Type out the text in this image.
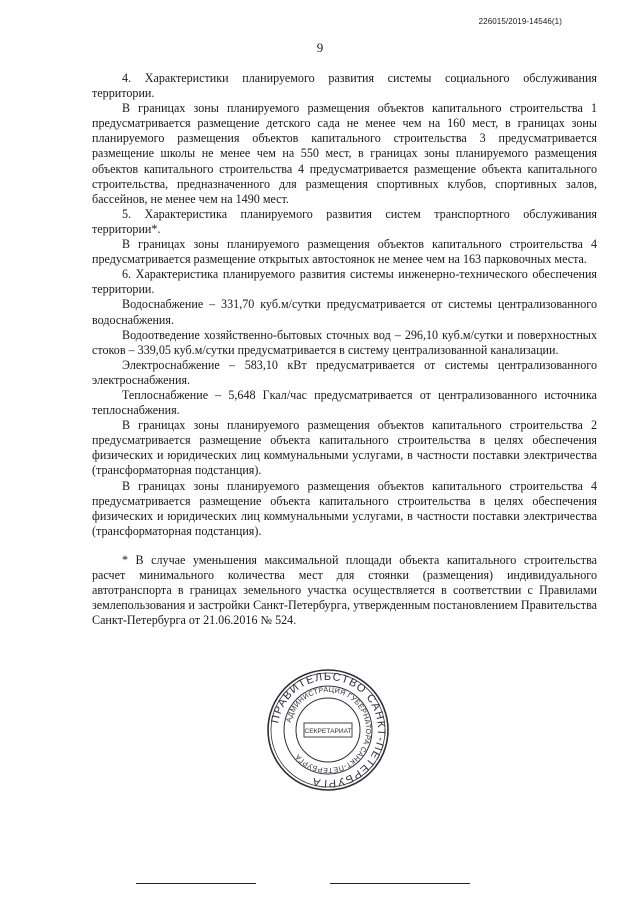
226015/2019-14546(1)
9

4. Характеристики планируемого развития системы социального обслуживания территории.

В границах зоны планируемого размещения объектов капитального строительства 1 предусматривается размещение детского сада не менее чем на 160 мест, в границах зоны планируемого размещения объектов капитального строительства 3 предусматривается размещение школы не менее чем на 550 мест, в границах зоны планируемого размещения объектов капитального строительства 4 предусматривается размещение объекта капитального строительства, предназначенного для размещения спортивных клубов, спортивных залов, бассейнов, не менее чем на 1490 мест.

5. Характеристика планируемого развития систем транспортного обслуживания территории*.

В границах зоны планируемого размещения объектов капитального строительства 4 предусматривается размещение открытых автостоянок не менее чем на 163 парковочных места.

6. Характеристика планируемого развития системы инженерно-технического обеспечения территории.

Водоснабжение – 331,70 куб.м/сутки предусматривается от системы централизованного водоснабжения.

Водоотведение хозяйственно-бытовых сточных вод – 296,10 куб.м/сутки и поверхностных стоков – 339,05 куб.м/сутки предусматривается в систему централизованной канализации.

Электроснабжение – 583,10 кВт предусматривается от системы централизованного электроснабжения.

Теплоснабжение – 5,648 Гкал/час предусматривается от централизованного источника теплоснабжения.

В границах зоны планируемого размещения объектов капитального строительства 2 предусматривается размещение объекта капитального строительства в целях обеспечения физических и юридических лиц коммунальными услугами, в частности поставки электричества (трансформаторная подстанция).

В границах зоны планируемого размещения объектов капитального строительства 4 предусматривается размещение объекта капитального строительства в целях обеспечения физических и юридических лиц коммунальными услугами, в частности поставки электричества (трансформаторная подстанция).

* В случае уменьшения максимальной площади объекта капитального строительства расчет минимального количества мест для стоянки (размещения) индивидуального автотранспорта в границах земельного участка осуществляется в соответствии с Правилами землепользования и застройки Санкт-Петербурга, утвержденным постановлением Правительства Санкт-Петербурга от 21.06.2016 № 524.

ПРАВИТЕЛЬСТВО САНКТ-ПЕТЕРБУРГА
АДМИНИСТРАЦИЯ ГУБЕРНАТОРА САНКТ-ПЕТЕРБУРГА
СЕКРЕТАРИАТ
